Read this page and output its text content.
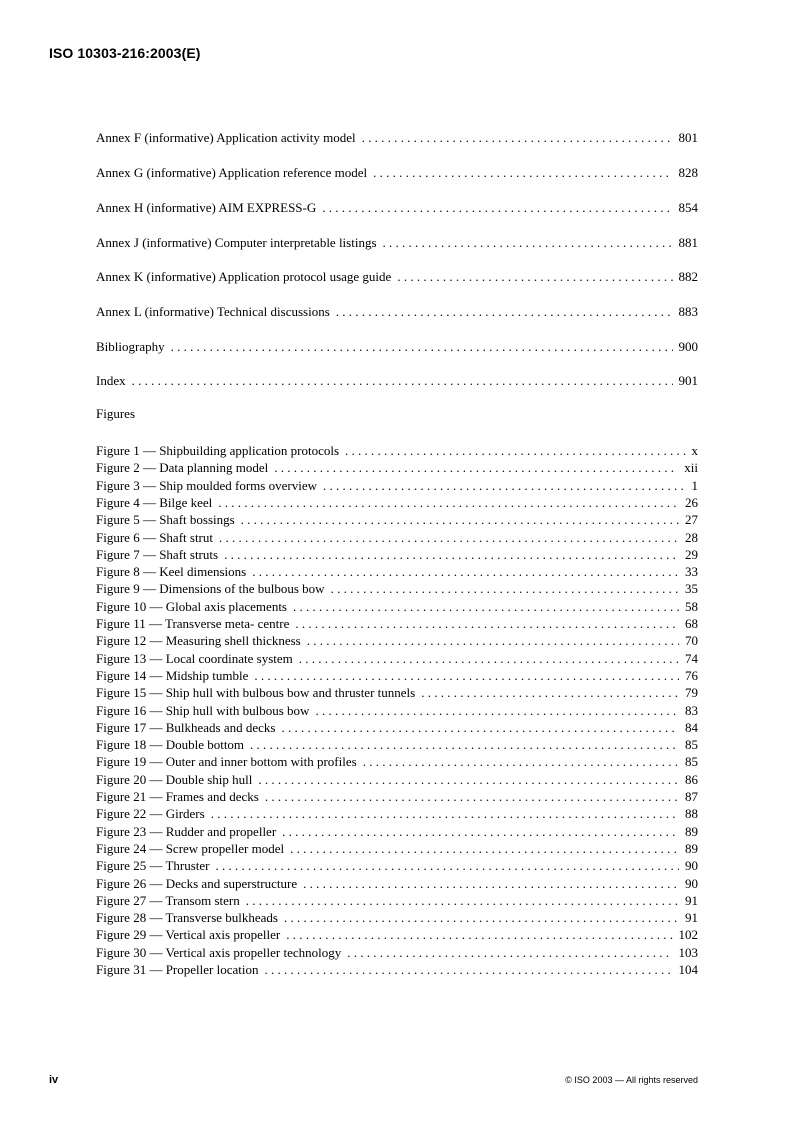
ISO 10303-216:2003(E)
Annex F (informative) Application activity model . . .	801
Annex G (informative) Application reference model . . .	828
Annex H (informative) AIM EXPRESS-G . . .	854
Annex J (informative) Computer interpretable listings . . .	881
Annex K (informative) Application protocol usage guide . . .	882
Annex L (informative) Technical discussions . . .	883
Bibliography . . .	900
Index . . .	901
Figures
Figure 1 — Shipbuilding application protocols . . .	x
Figure 2 — Data planning model . . .	xii
Figure 3 — Ship moulded forms overview . . .	1
Figure 4 — Bilge keel . . .	26
Figure 5 — Shaft bossings . . .	27
Figure 6 — Shaft strut . . .	28
Figure 7 — Shaft struts . . .	29
Figure 8 — Keel dimensions . . .	33
Figure 9 — Dimensions of the bulbous bow . . .	35
Figure 10 — Global axis placements . . .	58
Figure 11 — Transverse meta- centre . . .	68
Figure 12 — Measuring shell thickness . . .	70
Figure 13 — Local coordinate system . . .	74
Figure 14 — Midship tumble . . .	76
Figure 15 — Ship hull with bulbous bow and thruster tunnels . . .	79
Figure 16 — Ship hull with bulbous bow . . .	83
Figure 17 — Bulkheads and decks . . .	84
Figure 18 — Double bottom . . .	85
Figure 19 — Outer and inner bottom with profiles . . .	85
Figure 20 — Double ship hull . . .	86
Figure 21 — Frames and decks . . .	87
Figure 22 — Girders . . .	88
Figure 23 — Rudder and propeller . . .	89
Figure 24 — Screw propeller model . . .	89
Figure 25 — Thruster . . .	90
Figure 26 — Decks and superstructure . . .	90
Figure 27 — Transom stern . . .	91
Figure 28 — Transverse bulkheads . . .	91
Figure 29 — Vertical axis propeller . . .	102
Figure 30 — Vertical axis propeller technology . . .	103
Figure 31 — Propeller location . . .	104
iv	© ISO 2003 — All rights reserved
